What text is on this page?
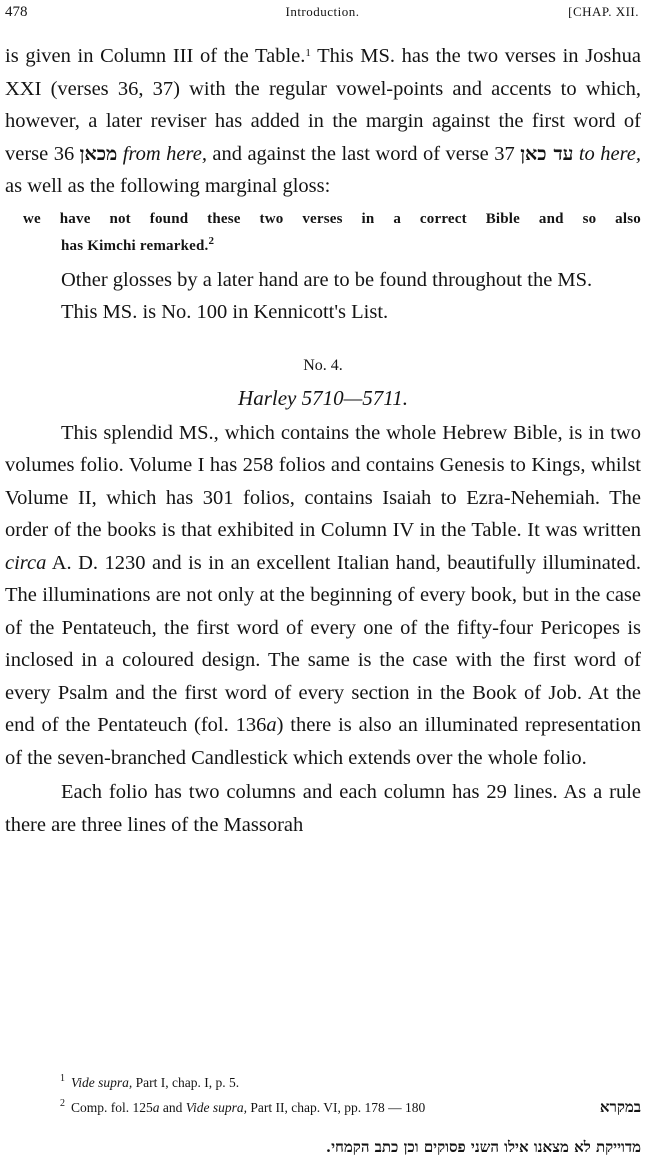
478	Introduction.	[CHAP. XII.

is given in Column III of the Table.$^1$ This MS. has the two verses in Joshua XXI (verses 36, 37) with the regular vowel-points and accents to which, however, a later reviser has added in the margin against the first word of verse 36 מכאן from here, and against the last word of verse 37 עד כאן to here, as well as the following marginal gloss:

we have not found these two verses in a correct Bible and so also
has Kimchi remarked.$^2$

Other glosses by a later hand are to be found throughout the MS.

This MS. is No. 100 in Kennicott's List.

No. 4.

Harley 5710—5711.

This splendid MS., which contains the whole Hebrew Bible, is in two volumes folio. Volume I has 258 folios and contains Genesis to Kings, whilst Volume II, which has 301 folios, contains Isaiah to Ezra-Nehemiah. The order of the books is that exhibited in Column IV in the Table. It was written circa A. D. 1230 and is in an excellent Italian hand, beautifully illuminated. The illuminations are not only at the beginning of every book, but in the case of the Pentateuch, the first word of every one of the fifty-four Pericopes is inclosed in a coloured design. The same is the case with the first word of every Psalm and the first word of every section in the Book of Job. At the end of the Pentateuch (fol. 136a) there is also an illuminated representation of the seven-branched Candlestick which extends over the whole folio.

Each folio has two columns and each column has 29 lines. As a rule there are three lines of the Massorah

1 Vide supra, Part I, chap. I, p. 5.

2 Comp. fol. 125a and Vide supra, Part II, chap. VI, pp. 178 — 180	במקרא

מדוייקת לא מצאנו אילו השני פסוקים וכן כתב הקמחי.
